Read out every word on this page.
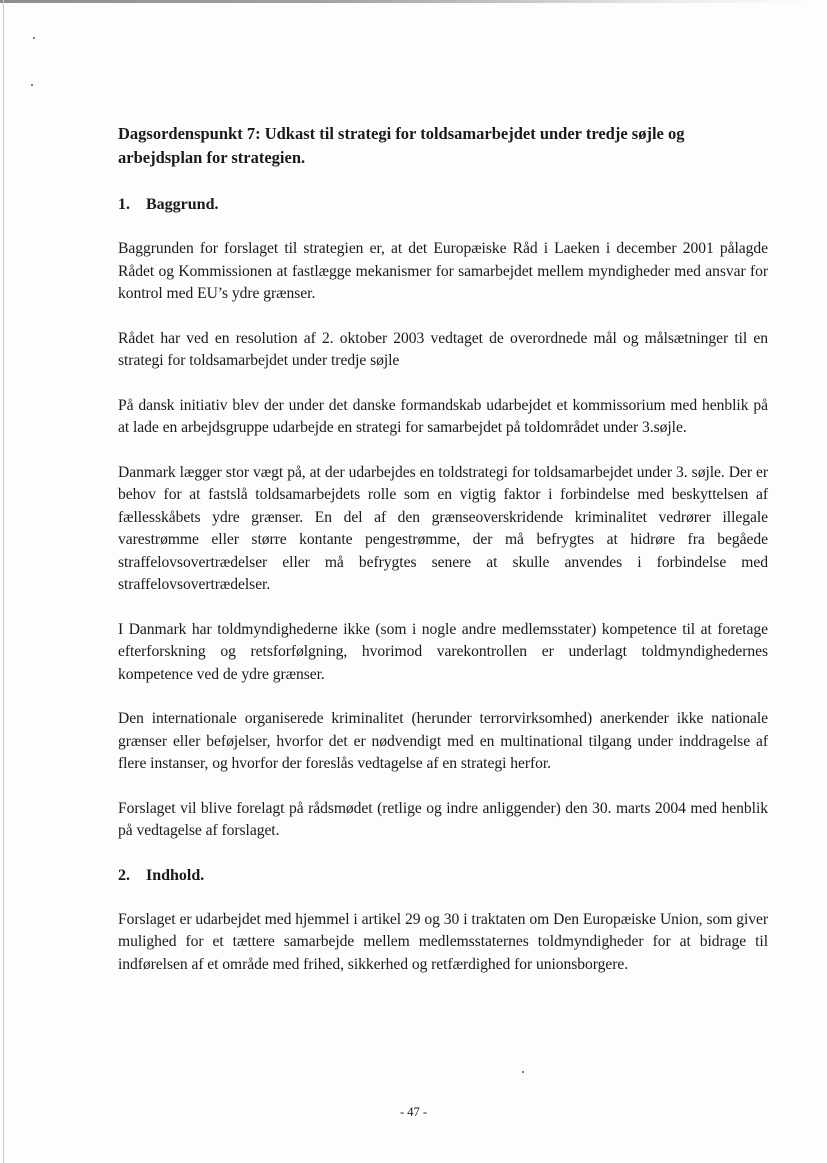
Dagsordenspunkt 7: Udkast til strategi for toldsamarbejdet under tredje søjle og arbejdsplan for strategien.
1. Baggrund.

Baggrunden for forslaget til strategien er, at det Europæiske Råd i Laeken i december 2001 pålagde Rådet og Kommissionen at fastlægge mekanismer for samarbejdet mellem myndigheder med ansvar for kontrol med EU’s ydre grænser.

Rådet har ved en resolution af 2. oktober 2003 vedtaget de overordnede mål og målsætninger til en strategi for toldsamarbejdet under tredje søjle

På dansk initiativ blev der under det danske formandskab udarbejdet et kommissorium med henblik på at lade en arbejdsgruppe udarbejde en strategi for samarbejdet på toldområdet under 3.søjle.

Danmark lægger stor vægt på, at der udarbejdes en toldstrategi for toldsamarbejdet under 3. søjle. Der er behov for at fastslå toldsamarbejdets rolle som en vigtig faktor i forbindelse med beskyttelsen af fællesskåbets ydre grænser. En del af den grænseoverskridende kriminalitet vedrører illegale varestrømme eller større kontante pengestrømme, der må befrygtes at hidrøre fra begåede straffelovsovertrædelser eller må befrygtes senere at skulle anvendes i forbindelse med straffelovsovertrædelser.

I Danmark har toldmyndighederne ikke (som i nogle andre medlemsstater) kompetence til at foretage efterforskning og retsforfølgning, hvorimod varekontrollen er underlagt toldmyndighedernes kompetence ved de ydre grænser.

Den internationale organiserede kriminalitet (herunder terrorvirksomhed) anerkender ikke nationale grænser eller beføjelser, hvorfor det er nødvendigt med en multinational tilgang under inddragelse af flere instanser, og hvorfor der foreslås vedtagelse af en strategi herfor.

Forslaget vil blive forelagt på rådsmødet (retlige og indre anliggender) den 30. marts 2004 med henblik på vedtagelse af forslaget.

2. Indhold.

Forslaget er udarbejdet med hjemmel i artikel 29 og 30 i traktaten om Den Europæiske Union, som giver mulighed for et tættere samarbejde mellem medlemsstaternes toldmyndigheder for at bidrage til indførelsen af et område med frihed, sikkerhed og retfærdighed for unionsborgere.

- 47 -
